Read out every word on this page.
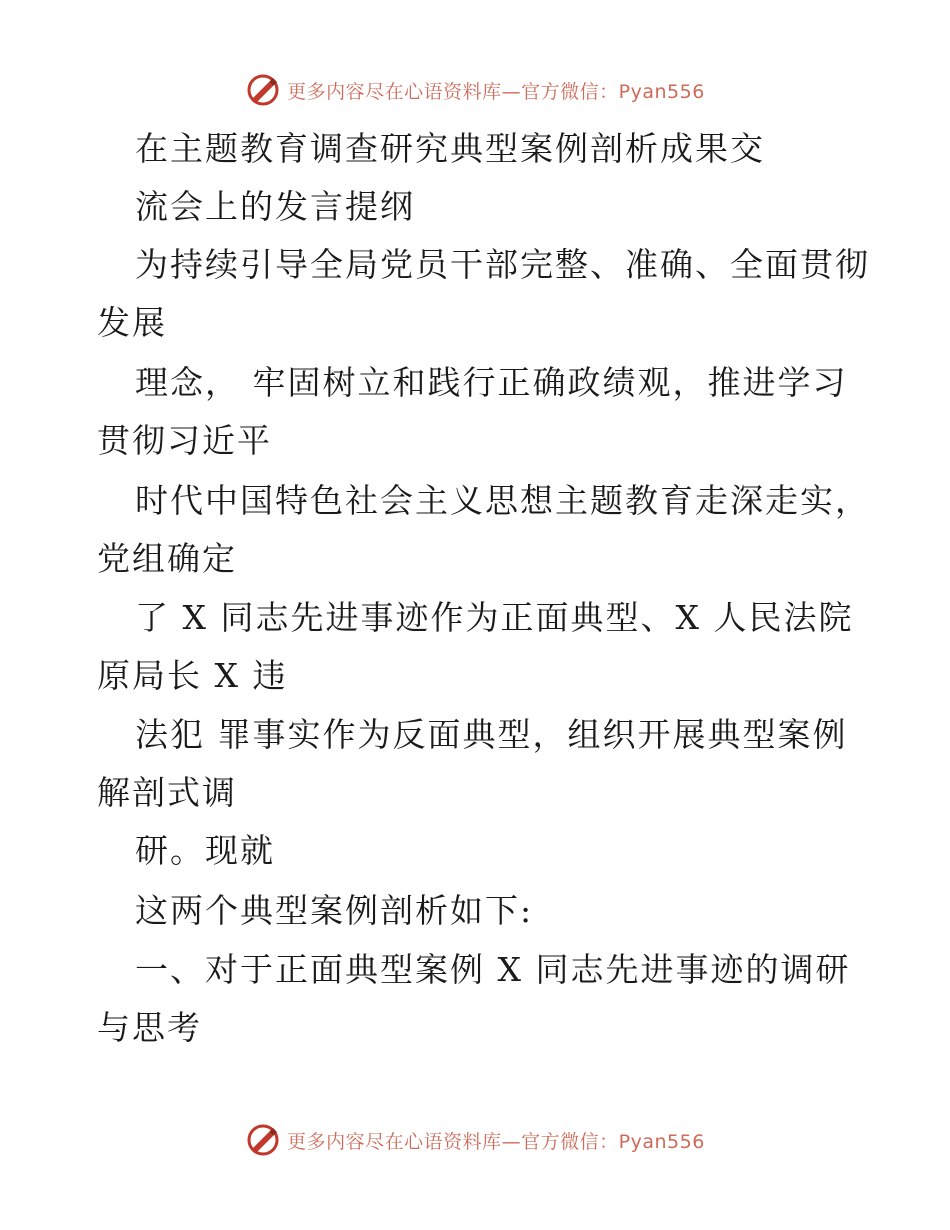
更多内容尽在心语资料库—官方微信：Pyan556
在主题教育调查研究典型案例剖析成果交
流会上的发言提纲
为持续引导全局党员干部完整、准确、全面贯彻
发展
理念， 牢固树立和践行正确政绩观，推进学习
贯彻习近平
时代中国特色社会主义思想主题教育走深走实，
党组确定
了 X 同志先进事迹作为正面典型、X 人民法院
原局长 X 违
法犯 罪事实作为反面典型，组织开展典型案例
解剖式调
研。现就
这两个典型案例剖析如下:
一、对于正面典型案例 X 同志先进事迹的调研
与思考
更多内容尽在心语资料库—官方微信：Pyan556
